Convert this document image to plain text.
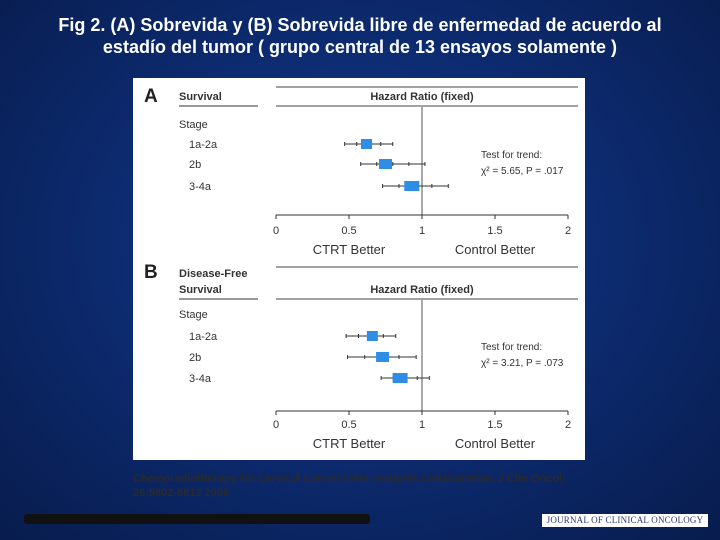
Fig 2. (A) Sobrevida y (B) Sobrevida libre de enfermedad de acuerdo al
estadío del tumor ( grupo central de 13 ensayos solamente )
A Survival	Hazard Ratio (fixed)
Stage
1a-2a
2b
3-4a
Test for trend:
χ² = 5.65, P = .017
0	0.5	1	1.5	2
CTRT Better	Control Better
B Disease-Free
Survival	Hazard Ratio (fixed)
Stage
1a-2a
2b
3-4a
Test for trend:
χ² = 3.21, P = .073
0	0.5	1	1.5	2
CTRT Better	Control Better
Chemoradiotherapy for Cervical Cancer Meta-Analysis Collaboration, J Clin Oncol;
26:5802-5812 2008
JOURNAL OF CLINICAL ONCOLOGY
